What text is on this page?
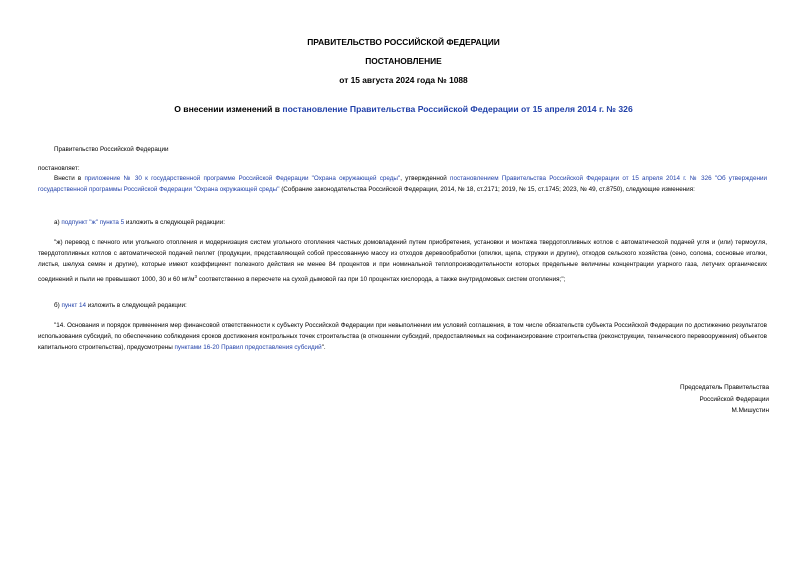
ПРАВИТЕЛЬСТВО РОССИЙСКОЙ ФЕДЕРАЦИИ
ПОСТАНОВЛЕНИЕ
от 15 августа 2024 года № 1088
О внесении изменений в постановление Правительства Российской Федерации от 15 апреля 2014 г. № 326
Правительство Российской Федерации
постановляет:
Внести в приложение № 30 к государственной программе Российской Федерации "Охрана окружающей среды", утвержденной постановлением Правительства Российской Федерации от 15 апреля 2014 г. № 326 "Об утверждении государственной программы Российской Федерации "Охрана окружающей среды" (Собрание законодательства Российской Федерации, 2014, № 18, ст.2171; 2019, № 15, ст.1745; 2023, № 49, ст.8750), следующие изменения:
а) подпункт "ж" пункта 5 изложить в следующей редакции:
"ж) перевод с печного или угольного отопления и модернизация систем угольного отопления частных домовладений путем приобретения, установки и монтажа твердотопливных котлов с автоматической подачей угля и (или) термоугля, твердотопливных котлов с автоматической подачей пеллет (продукции, представляющей собой прессованную массу из отходов деревообработки (опилки, щепа, стружки и другие), отходов сельского хозяйства (сено, солома, сосновые иголки, листья, шелуха семян и другие), которые имеют коэффициент полезного действия не менее 84 процентов и при номинальной теплопроизводительности которых предельные величины концентрации угарного газа, летучих органических соединений и пыли не превышают 1000, 30 и 60 $мг/м^3$ соответственно в пересчете на сухой дымовой газ при 10 процентах кислорода, а также внутридомовых систем отопления;";
б) пункт 14 изложить в следующей редакции:
"14. Основания и порядок применения мер финансовой ответственности к субъекту Российской Федерации при невыполнении им условий соглашения, в том числе обязательств субъекта Российской Федерации по достижению результатов использования субсидий, по обеспечению соблюдения сроков достижения контрольных точек строительства (в отношении субсидий, предоставляемых на софинансирование строительства (реконструкции, технического перевооружения) объектов капитального строительства), предусмотрены пунктами 16-20 Правил предоставления субсидий".
Председатель Правительства
Российской Федерации
М.Мишустин
